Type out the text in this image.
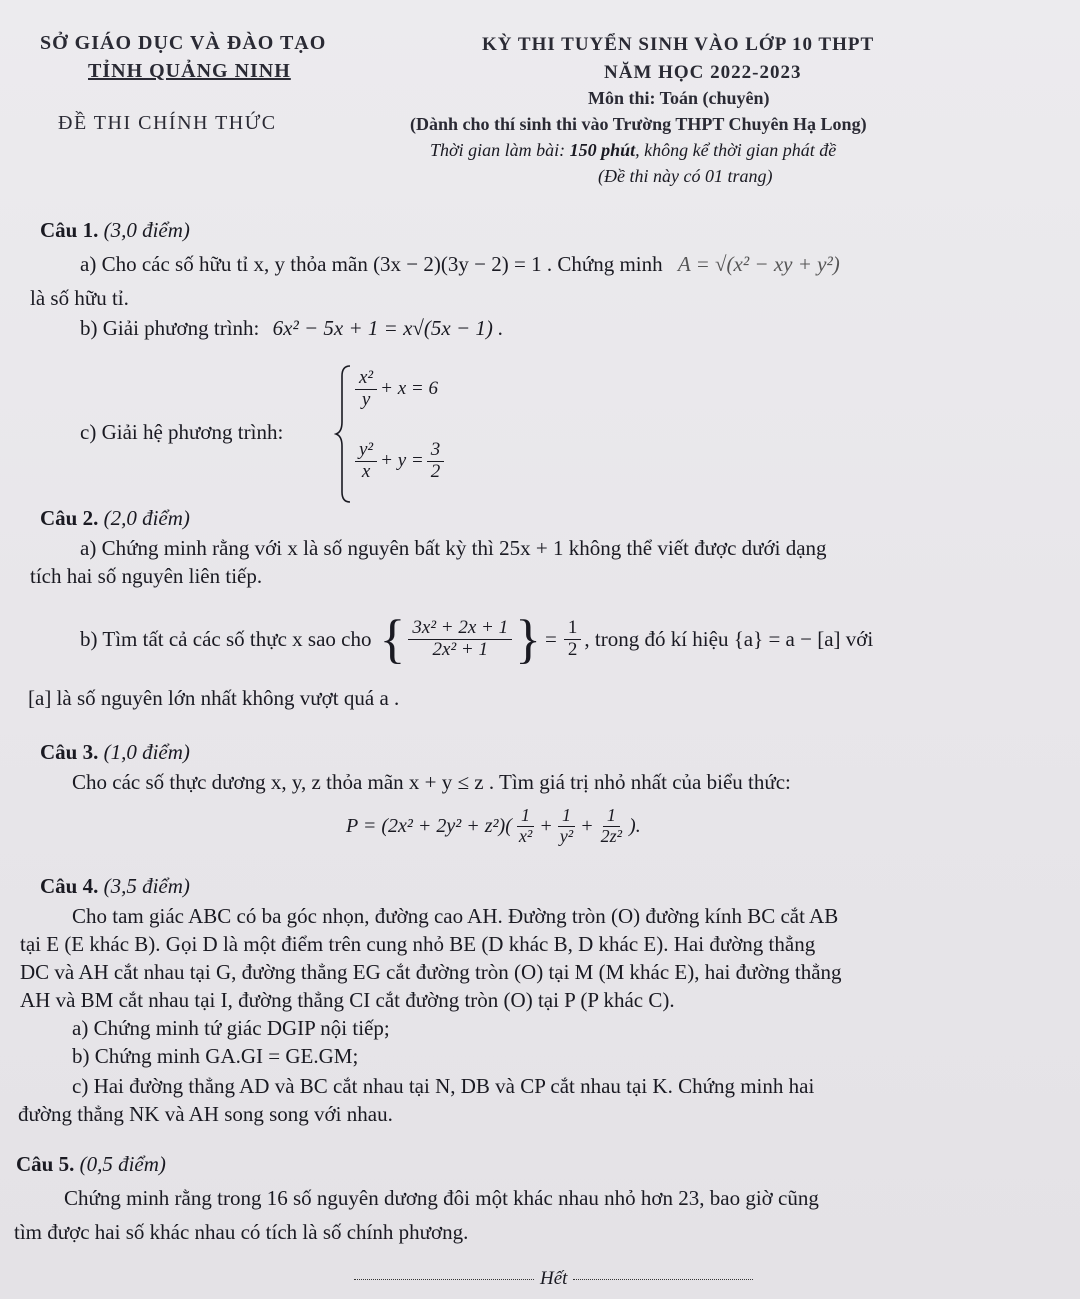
SỞ GIÁO DỤC VÀ ĐÀO TẠO
TỈNH QUẢNG NINH
ĐỀ THI CHÍNH THỨC
KỲ THI TUYỂN SINH VÀO LỚP 10 THPT
NĂM HỌC 2022-2023
Môn thi: Toán (chuyên)
(Dành cho thí sinh thi vào Trường THPT Chuyên Hạ Long)
Thời gian làm bài: 150 phút, không kể thời gian phát đề
(Đề thi này có 01 trang)
Câu 1. (3,0 điểm)
a) Cho các số hữu tỉ x, y thỏa mãn (3x − 2)(3y − 2) = 1 . Chứng minh A = √(x² − xy + y²)
là số hữu tỉ.
b) Giải phương trình: 6x² − 5x + 1 = x√(5x − 1) .
c) Giải hệ phương trình:
$\frac{\text{x²}}{y} + x = 6$
$\frac{\text{y²}}{x} + y = \frac{3}{2}$
Câu 2. (2,0 điểm)
a) Chứng minh rằng với x là số nguyên bất kỳ thì 25x + 1 không thể viết được dưới dạng
tích hai số nguyên liên tiếp.
b) Tìm tất cả các số thực x sao cho { $\frac{\text{3x² + 2x + 1}}{\text{2x² + 1}}$ } = $\frac{1}{2}$ , trong đó kí hiệu {a} = a − [a] với
[a] là số nguyên lớn nhất không vượt quá a .
Câu 3. (1,0 điểm)
Cho các số thực dương x, y, z thỏa mãn x + y ≤ z . Tìm giá trị nhỏ nhất của biểu thức:
$P = (2x^2 + 2y^2 + z^2)( \frac{1}{\text{x²}} + \frac{1}{\text{y²}} + \frac{1}{\text{2z²}}$ ).
Câu 4. (3,5 điểm)
Cho tam giác ABC có ba góc nhọn, đường cao AH. Đường tròn (O) đường kính BC cắt AB
tại E (E khác B). Gọi D là một điểm trên cung nhỏ BE (D khác B, D khác E). Hai đường thẳng
DC và AH cắt nhau tại G, đường thẳng EG cắt đường tròn (O) tại M (M khác E), hai đường thẳng
AH và BM cắt nhau tại I, đường thẳng CI cắt đường tròn (O) tại P (P khác C).
a) Chứng minh tứ giác DGIP nội tiếp;
b) Chứng minh GA.GI = GE.GM;
c) Hai đường thẳng AD và BC cắt nhau tại N, DB và CP cắt nhau tại K. Chứng minh hai
đường thẳng NK và AH song song với nhau.
Câu 5. (0,5 điểm)
Chứng minh rằng trong 16 số nguyên dương đôi một khác nhau nhỏ hơn 23, bao giờ cũng
tìm được hai số khác nhau có tích là số chính phương.
Hết
